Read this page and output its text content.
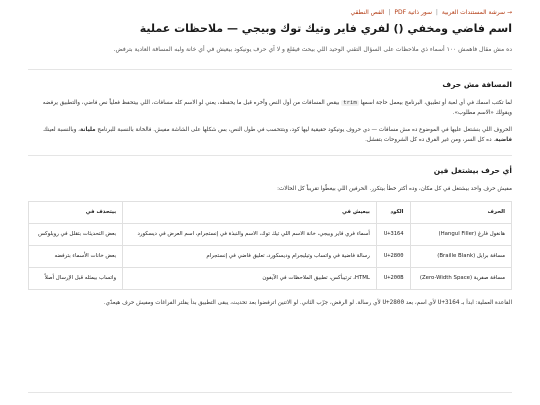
→ سرشة المستندات العربية | سور ذاتية PDF | الفص النطقي
اسم فاضي ومخفي () لفري فاير وتيك توك وبيجي — ملاحظات عملية
ده مش مقال فاهمش ١٠٠ أسماء ذي ملاحظات على السؤال التقني الوحيد اللي بيحث فيقلع و لا آي حرف يونيكود بيعيش في أي خانة ولبه المسافة العادية بترفض.
المسافة مش حرف

لما تكتب اسمك في أي لعبة أو تطبيق، البرنامج بيعمل حاجة اسمها trim بيقص المسافات من أول النص وآخره قبل ما يحفظه، يعني لو الاسم كله مسافات، اللي بيتحفظ فعلياً نص فاضي، والتطبيق يرفضه ويقولك «الاسم مطلوب».

الحروف اللي بنشتغل عليها في الموضوع ده مش مسافات — دي حروف يونيكود حقيقية ليها كود، وبتتحسب في طول النص، بس شكلها على الشاشة مفيش. فالخانة بالنسبة للبرنامج مليانة، وبالنسبة لعينك فاضية. ده كل السر، ومن غير الفرق ده كل الشروحات بتفشل.

أي حرف بيشتغل فين

مفيش حرف واحد بيشتغل في كل مكان، وده أكتر خطأ بيتكرر. الحرفين اللي بيغطّوا تقريباً كل الحالات:

الحرف	الكود	بيعيش في	بيتحذف في
هانغول فارغ (Hangul Filler)	U+3164	أسماء فري فاير وبيجي، خانة الاسم اللي تيك توك، الاسم والنبذة في إنستجرام، اسم العرض في ديسكورد	بعض التحديثات بتقلل في روبلوكس
مسافة برايل (Braille Blank)	U+2800	رسالة فاضية في واتساب وتيليجرام وديسكورد، تعليق فاضي في إنستجرام	بعض خانات الأسماء بترفضه
مسافة صفرية (Zero-Width Space)	U+200B	HTML، ترتيبأكس، تطبيق الملاحظات في الآيفون	واتساب بيمثله قبل الإرسال أصلاً

القاعدة العملية: ابدأ بـ U+3164 لأي اسم، بعد U+2800 لأي رسالة. لو الرفض، جرّب الثاني. لو الاتنين اترفضوا بعد تحديث، يبقى التطبيق بدأ يفلتر الفراغات ومفيش حرف هيعدّي.
